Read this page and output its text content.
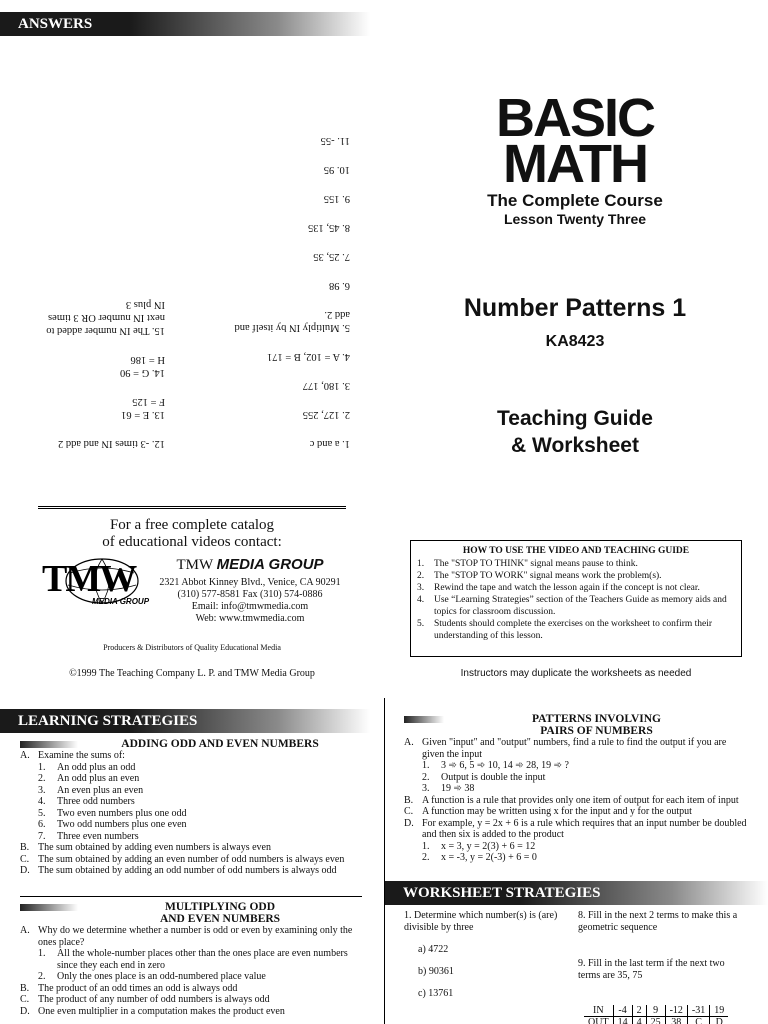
ANSWERS
1. a and c
2. 127, 255
3. 180, 177
4. A = 102, B = 171
5. Multiply IN by itself and
add 2.
6. 98
7. 25, 35
8. 45, 135
9. 155
10. 95
11. -55
12. -3 times IN and add 2
13. E = 61
F = 125
14. G = 90
H = 186
15. The IN number added to
next IN number OR 3 times
IN plus 3
BASIC
MATH
The Complete Course
Lesson Twenty Three
Number Patterns 1
KA8423
Teaching Guide
& Worksheet
For a free complete catalog
of educational videos contact:
TMW
MEDIA GROUP
TMW MEDIA GROUP
2321 Abbot Kinney Blvd., Venice, CA 90291
(310) 577-8581 Fax (310) 574-0886
Email: info@tmwmedia.com
Web: www.tmwmedia.com
Producers & Distributors of Quality Educational Media
©1999 The Teaching Company L. P. and TMW Media Group
HOW TO USE THE VIDEO AND TEACHING GUIDE
1.	The "STOP TO THINK" signal means pause to think.
2.	The "STOP TO WORK" signal means work the problem(s).
3.	Rewind the tape and watch the lesson again if the concept is not clear.
4.	Use “Learning Strategies” section of the Teachers Guide as memory aids and topics for classroom discussion.
5.	Students should complete the exercises on the worksheet to confirm their understanding of this lesson.
Instructors may duplicate the worksheets as needed
LEARNING STRATEGIES
ADDING ODD AND EVEN NUMBERS
A. Examine the sums of:
1.	An odd plus an odd
2.	An odd plus an even
3.	An even plus an even
4.	Three odd numbers
5.	Two even numbers plus one odd
6.	Two odd numbers plus one even
7.	Three even numbers
B. The sum obtained by adding even numbers is always even
C. The sum obtained by adding an even number of odd numbers is always even
D. The sum obtained by adding an odd number of odd numbers is always odd
MULTIPLYING ODD
AND EVEN NUMBERS
A. Why do we determine whether a number is odd or even by examining only the ones place?
1.	All the whole-number places other than the ones place are even numbers since they each end in zero
2.	Only the ones place is an odd-numbered place value
B. The product of an odd times an odd is always odd
C. The product of any number of odd numbers is always odd
D. One even multiplier in a computation makes the product even
PATTERNS INVOLVING
PAIRS OF NUMBERS
A. Given "input" and "output" numbers, find a rule to find the output if you are given the input
1.	3 ➾ 6, 5 ➾ 10, 14 ➾ 28, 19 ➾ ?
2.	Output is double the input
3.	19 ➾ 38
B. A function is a rule that provides only one item of output for each item of input
C. A function may be written using x for the input and y for the output
D. For example, y = 2x + 6 is a rule which requires that an input number be doubled and then six is added to the product
1.	x = 3, y = 2(3) + 6 = 12
2.	x = -3, y = 2(-3) + 6 = 0
WORKSHEET STRATEGIES
1. Determine which number(s) is (are) divisible by three
a) 4722
b) 90361
c) 13761
8. Fill in the next 2 terms to make this a geometric sequence
9. Fill in the last term if the next two terms are 35, 75
IN	-4	2	9	-12	-31	19
OUT	14	4	25	38	C	D
